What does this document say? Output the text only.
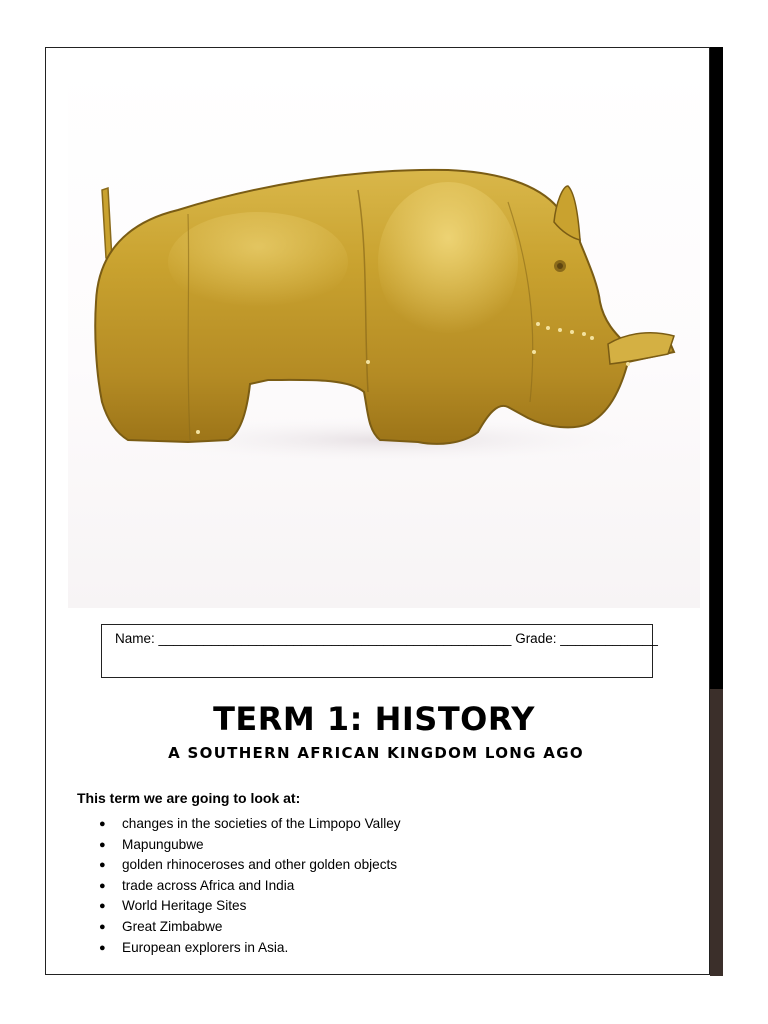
Name: _______________________________________________ Grade: _____________
TERM 1: HISTORY
A SOUTHERN AFRICAN KINGDOM LONG AGO
This term we are going to look at:
● changes in the societies of the Limpopo Valley
● Mapungubwe
● golden rhinoceroses and other golden objects
● trade across Africa and India
● World Heritage Sites
● Great Zimbabwe
● European explorers in Asia.
